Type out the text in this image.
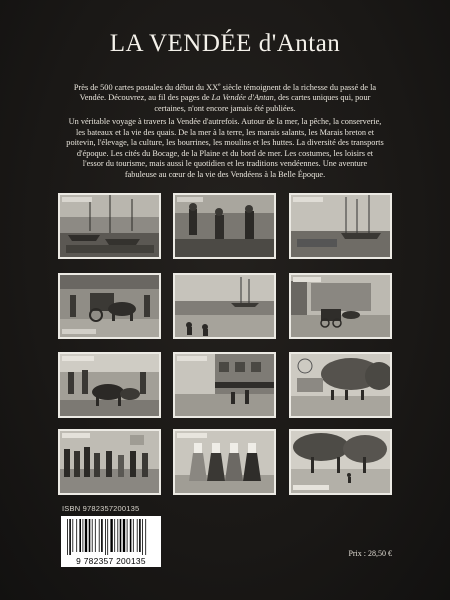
LA VENDÉE d'Antan

Près de 500 cartes postales du début du XXe siècle témoignent de la richesse du passé de la Vendée. Découvrez, au fil des pages de La Vendée d'Antan, des cartes uniques qui, pour certaines, n'ont encore jamais été publiées.

Un véritable voyage à travers la Vendée d'autrefois. Autour de la mer, la pêche, la conserverie, les bateaux et la vie des quais. De la mer à la terre, les marais salants, les Marais breton et poitevin, l'élevage, la culture, les bourrines, les moulins et les huttes. La diversité des transports d'époque. Les cités du Bocage, de la Plaine et du bord de mer. Les costumes, les loisirs et l'essor du tourisme, mais aussi le quotidien et les traditions vendéennes. Une aventure fabuleuse au cœur de la vie des Vendéens à la Belle Époque.

ISBN 9782357200135
9 782357 200135
Prix : 28,50 €
